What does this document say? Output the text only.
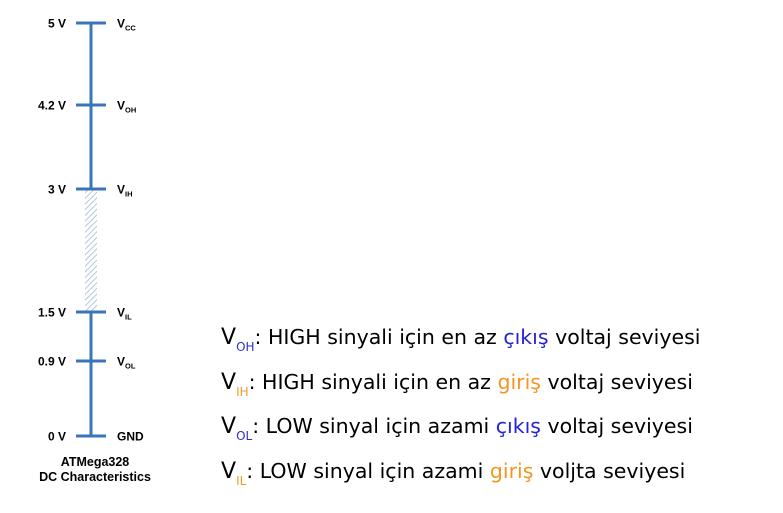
5 V	$V_{CC}$
4.2 V	$V_{OH}$
3 V	$V_{IH}$
1.5 V	$V_{IL}$
0.9 V	$V_{OL}$
0 V	GND
ATMega328
DC Characteristics
$V_{OH}$: HIGH sinyali için en az çıkış voltaj seviyesi
$V_{IH}$: HIGH sinyali için en az giriş voltaj seviyesi
$V_{OL}$: LOW sinyal için azami çıkış voltaj seviyesi
$V_{IL}$: LOW sinyal için azami giriş voljta seviyesi
